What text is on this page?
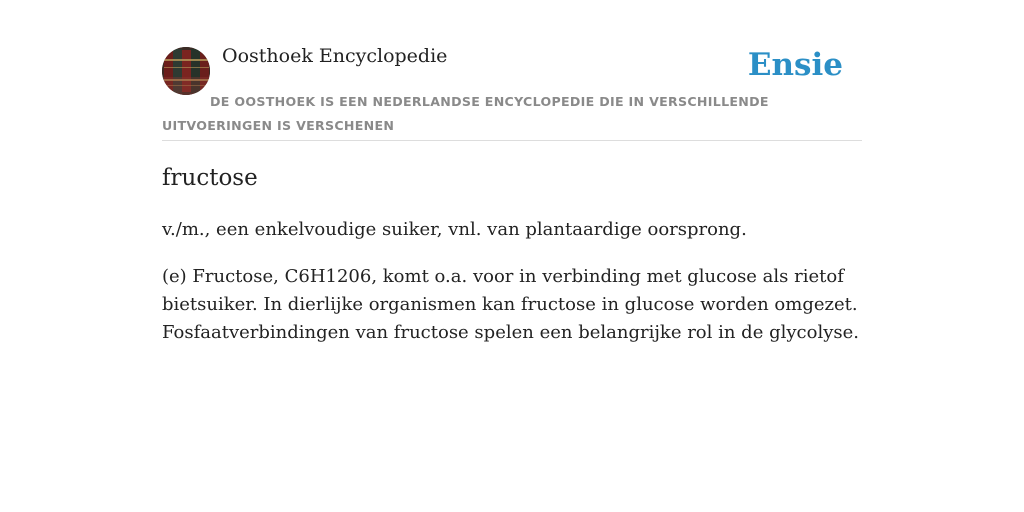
Oosthoek Encyclopedie	Ensie
DE OOSTHOEK IS EEN NEDERLANDSE ENCYCLOPEDIE DIE IN VERSCHILLENDE UITVOERINGEN IS VERSCHENEN
fructose

v./m., een enkelvoudige suiker, vnl. van plantaardige oorsprong.

(e) Fructose, C6H1206, komt o.a. voor in verbinding met glucose als rietof bietsuiker. In dierlijke organismen kan fructose in glucose worden omgezet. Fosfaatverbindingen van fructose spelen een belangrijke rol in de glycolyse.
